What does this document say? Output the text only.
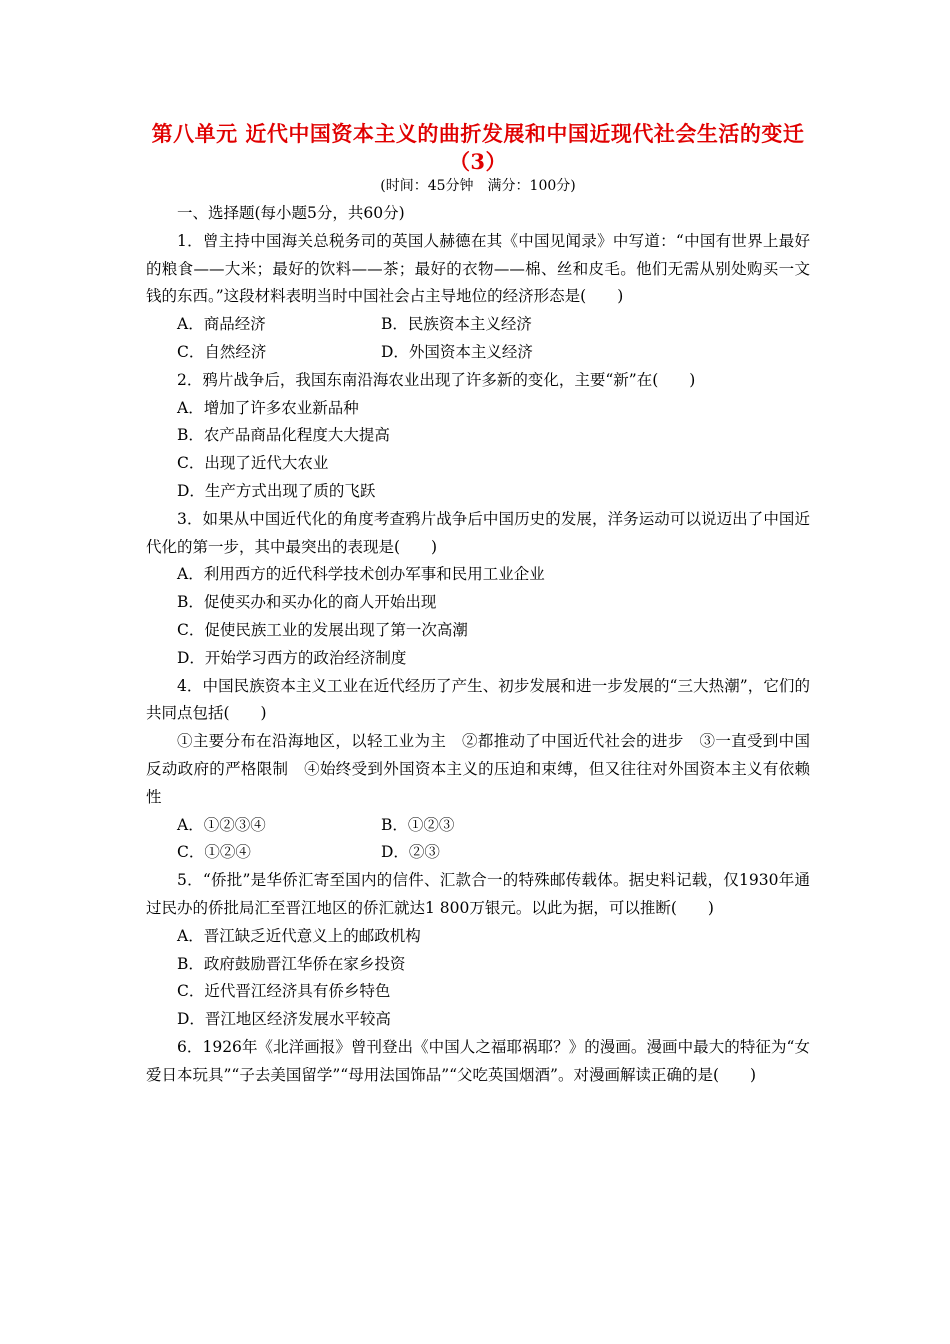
第八单元 近代中国资本主义的曲折发展和中国近现代社会生活的变迁（3）

(时间：45分钟　满分：100分)

一、选择题(每小题5分，共60分)

1．曾主持中国海关总税务司的英国人赫德在其《中国见闻录》中写道：“中国有世界上最好的粮食——大米；最好的饮料——茶；最好的衣物——棉、丝和皮毛。他们无需从别处购买一文钱的东西。”这段材料表明当时中国社会占主导地位的经济形态是(　　)

A．商品经济	B．民族资本主义经济
C．自然经济	D．外国资本主义经济

2．鸦片战争后，我国东南沿海农业出现了许多新的变化，主要“新”在(　　)

A．增加了许多农业新品种

B．农产品商品化程度大大提高

C．出现了近代大农业

D．生产方式出现了质的飞跃

3．如果从中国近代化的角度考查鸦片战争后中国历史的发展，洋务运动可以说迈出了中国近代化的第一步，其中最突出的表现是(　　)

A．利用西方的近代科学技术创办军事和民用工业企业

B．促使买办和买办化的商人开始出现

C．促使民族工业的发展出现了第一次高潮

D．开始学习西方的政治经济制度

4．中国民族资本主义工业在近代经历了产生、初步发展和进一步发展的“三大热潮”，它们的共同点包括(　　)

①主要分布在沿海地区，以轻工业为主　②都推动了中国近代社会的进步　③一直受到中国反动政府的严格限制　④始终受到外国资本主义的压迫和束缚，但又往往对外国资本主义有依赖性

A．①②③④	B．①②③
C．①②④	D．②③

5．“侨批”是华侨汇寄至国内的信件、汇款合一的特殊邮传载体。据史料记载，仅1930年通过民办的侨批局汇至晋江地区的侨汇就达1 800万银元。以此为据，可以推断(　　)

A．晋江缺乏近代意义上的邮政机构

B．政府鼓励晋江华侨在家乡投资

C．近代晋江经济具有侨乡特色

D．晋江地区经济发展水平较高

6．1926年《北洋画报》曾刊登出《中国人之福耶祸耶？》的漫画。漫画中最大的特征为“女爱日本玩具”“子去美国留学”“母用法国饰品”“父吃英国烟酒”。对漫画解读正确的是(　　)
